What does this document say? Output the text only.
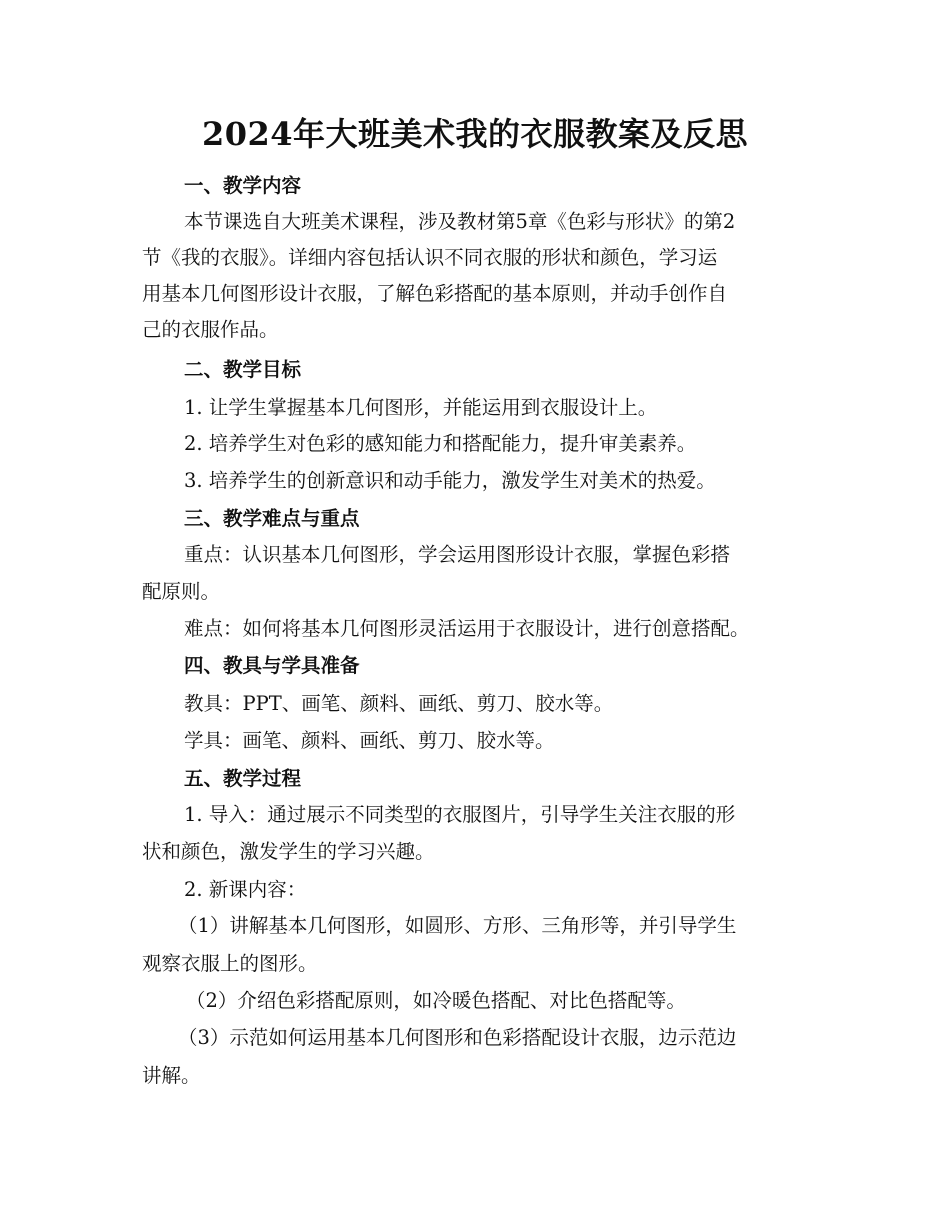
2024年大班美术我的衣服教案及反思
一、教学内容
本节课选自大班美术课程，涉及教材第5章《色彩与形状》的第2
节《我的衣服》。详细内容包括认识不同衣服的形状和颜色，学习运
用基本几何图形设计衣服，了解色彩搭配的基本原则，并动手创作自
己的衣服作品。
二、教学目标
1. 让学生掌握基本几何图形，并能运用到衣服设计上。
2. 培养学生对色彩的感知能力和搭配能力，提升审美素养。
3. 培养学生的创新意识和动手能力，激发学生对美术的热爱。
三、教学难点与重点
重点：认识基本几何图形，学会运用图形设计衣服，掌握色彩搭
配原则。
难点：如何将基本几何图形灵活运用于衣服设计，进行创意搭配。
四、教具与学具准备
教具：PPT、画笔、颜料、画纸、剪刀、胶水等。
学具：画笔、颜料、画纸、剪刀、胶水等。
五、教学过程
1. 导入：通过展示不同类型的衣服图片，引导学生关注衣服的形
状和颜色，激发学生的学习兴趣。
2. 新课内容：
（1）讲解基本几何图形，如圆形、方形、三角形等，并引导学生
观察衣服上的图形。
（2）介绍色彩搭配原则，如冷暖色搭配、对比色搭配等。
（3）示范如何运用基本几何图形和色彩搭配设计衣服，边示范边
讲解。
